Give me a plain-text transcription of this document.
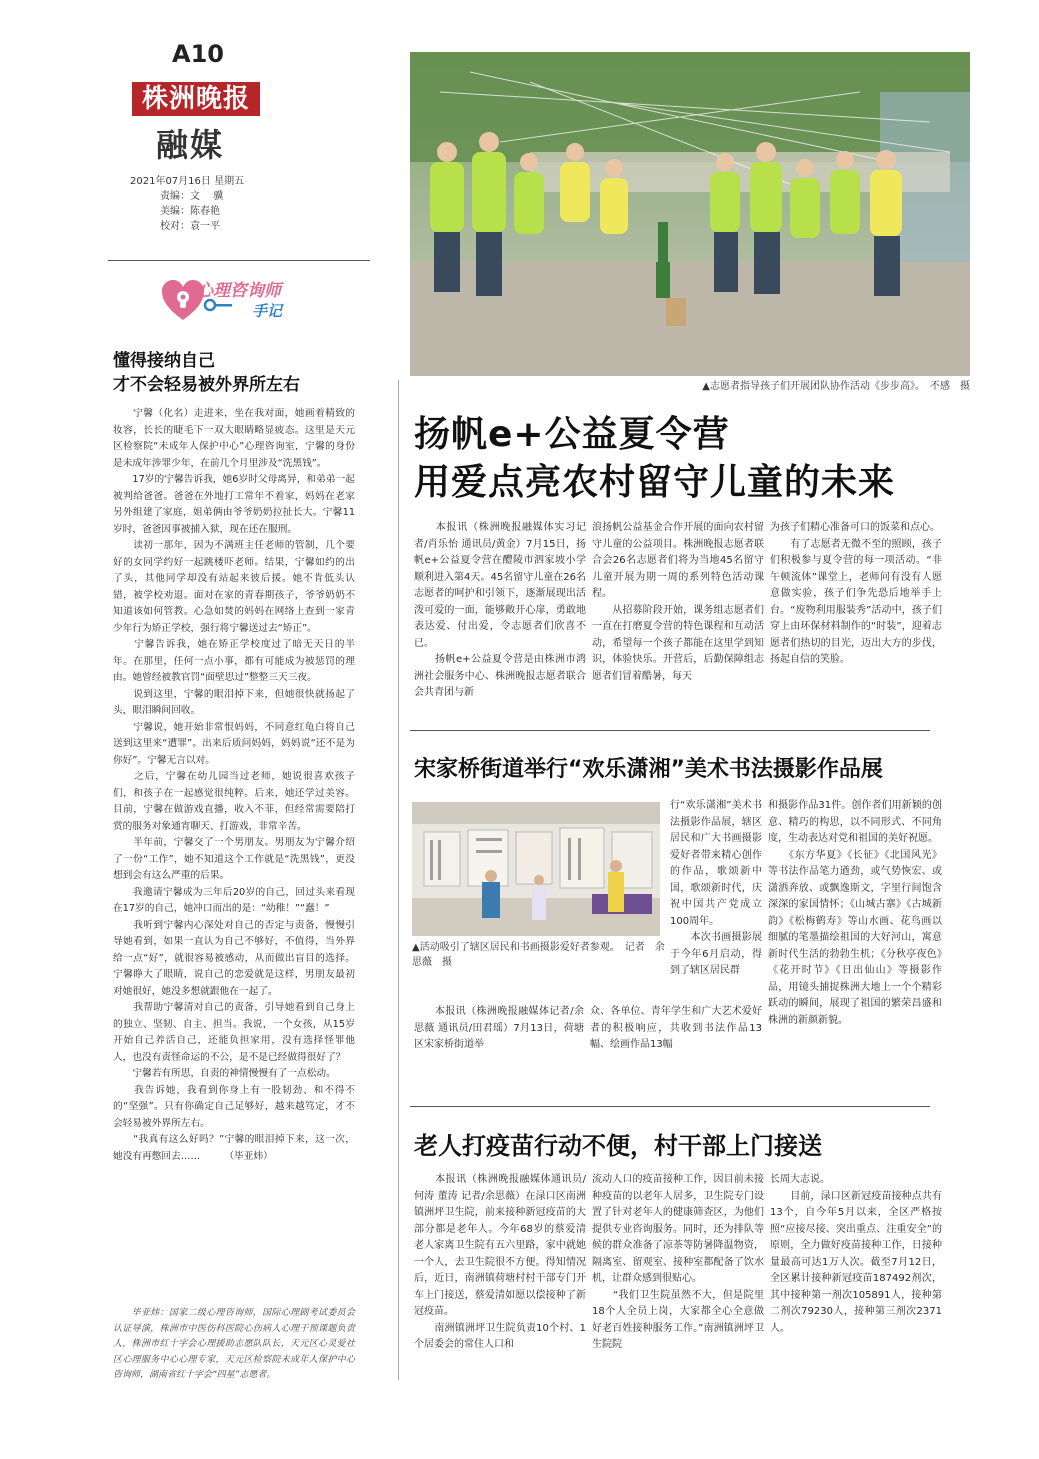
A10
株洲晚报
融媒
2021年07月16日 星期五
责编：文　 骥
美编：陈春艳
校对：袁一平
心理咨询师
手记
懂得接纳自己
才不会轻易被外界所左右
　　宁馨（化名）走进来，坐在我对面，她画着精致的妆容，长长的睫毛下一双大眼睛略显疲态。这里是天元区检察院“未成年人保护中心”心理咨询室，宁馨的身份是未成年涉罪少年，在前几个月里涉及“洗黑钱”。
　　17岁的宁馨告诉我，她6岁时父母离异，和弟弟一起被判给爸爸。爸爸在外地打工常年不着家，妈妈在老家另外组建了家庭，姐弟俩由爷爷奶奶拉扯长大。宁馨11岁时，爸爸因事被捕入狱，现在还在服刑。
　　读初一那年，因为不满班主任老师的管制，几个要好的女同学约好一起跳楼吓老师。结果，宁馨如约的出了头，其他同学却没有站起来彼后援。她不肯低头认错，被学校劝退。面对在家的青春期孩子，爷爷奶奶不知道该如何管教。心急如焚的妈妈在网络上查到一家青少年行为矫正学校，强行将宁馨送过去“矫正”。
　　宁馨告诉我，她在矫正学校度过了暗无天日的半年。在那里，任何一点小事，都有可能成为被惩罚的理由。她曾经被教官罚“面壁思过”整整三天三夜。
　　说到这里，宁馨的眼泪掉下来，但她很快就扬起了头，眼泪瞬间回收。
　　宁馨说，她开始非常恨妈妈，不同意红龟白将自己送到这里来“遭罪”。出来后质问妈妈，妈妈说“还不是为你好”。宁馨无言以对。
　　之后，宁馨在幼儿园当过老师，她说很喜欢孩子们，和孩子在一起感觉很纯粹。后来，她还学过美容。目前，宁馨在做游戏直播，收入不菲，但经常需要陪打赏的服务对象通宵聊天、打游戏，非常辛苦。
　　半年前，宁馨交了一个男朋友。男朋友为宁馨介绍了一份“工作”，她不知道这个工作就是“洗黑钱”，更没想到会有这么严重的后果。
　　我邀请宁馨成为三年后20岁的自己，回过头来看现在17岁的自己，她冲口而出的是：“幼稚！”“蠢！”
　　我听到宁馨内心深处对自己的否定与责备，慢慢引导她看到，如果一直认为自己不够好，不值得，当外界给一点“好”，就很容易被感动，从而做出盲目的选择。宁馨睁大了眼睛，说自己的恋爱就是这样，男朋友最初对她很好，她没多想就跟他在一起了。
　　我帮助宁馨清对自己的责备，引导她看到自己身上的独立、坚韧、自主、担当。我说，一个女孩，从15岁开始自己养活自己，还能负担家用，没有选择怪罪他人，也没有责怪命运的不公，是不是已经做得很好了？
　　宁馨若有所思，自责的神情慢慢有了一点松动。
　　我告诉她，我看到你身上有一股韧劲、和不得不的“坚强”。只有你确定自己足够好，越来越笃定，才不会轻易被外界所左右。
　　“我真有这么好吗？”宁馨的眼泪掉下来，这一次，她没有再憋回去……　　　（毕亚炜）
　　毕亚炜：国家二级心理咨询师，国际心理剧考试委员会认证导演，株洲市中医伤科医院心伤病人心理干预课题负责人，株洲市红十字会心理援助志愿队队长，天元区心灵爱社区心理服务中心心理专家，天元区检察院未成年人保护中心咨询师，湖南省红十字会“四星”志愿者。
▲志愿者指导孩子们开展团队协作活动《步步高》。　不感　摄
扬帆e+公益夏令营
用爱点亮农村留守儿童的未来
　　本报讯（株洲晚报融媒体实习记者/肖乐怡 通讯员/黄金）7月15日，扬帆e+公益夏令营在醴陵市泗家坡小学顺利进入第4天。45名留守儿童在26名志愿者的呵护和引领下，逐渐展现出活泼可爱的一面，能够敞开心扉，勇敢地表达爱、付出爱，令志愿者们欣喜不已。
　　扬帆e+公益夏令营是由株洲市鸿洲社会服务中心、株洲晚报志愿者联合会共青团与新
浪扬帆公益基金合作开展的面向农村留守儿童的公益项目。株洲晚报志愿者联合会26名志愿者们将为当地45名留守儿童开展为期一周的系列特色活动课程。
　　从招募阶段开始，课务组志愿者们一直在打磨夏令营的特色课程和互动活动，希望每一个孩子都能在这里学到知识，体验快乐。开营后，后勤保障组志愿者们冒着酷暑，每天
为孩子们精心准备可口的饭菜和点心。
　　有了志愿者无微不至的照顾，孩子们积极参与夏令营的每一项活动。“非午顿流体”课堂上，老师问有没有人愿意做实验，孩子们争先恐后地举手上台。“废物利用服装秀”活动中，孩子们穿上由环保材料制作的“时装”，迎着志愿者们热切的目光，迈出大方的步伐，扬起自信的笑脸。
宋家桥街道举行“欢乐潇湘”美术书法摄影作品展
▲活动吸引了辖区居民和书画摄影爱好者参观。　记者　余思薇　摄
　　本报讯（株洲晚报融媒体记者/余思薇 通讯员/田君瑶）7月13日，荷塘区宋家桥街道举
行“欢乐潇湘”美术书法摄影作品展，辖区居民和广大书画摄影爱好者带来精心创作的作品，歌颂新中国，歌颂新时代，庆祝中国共产党成立100周年。
　　本次书画摄影展于今年6月启动，得到了辖区居民群
众、各单位、青年学生和广大艺术爱好者的积极响应，共收到书法作品13幅、绘画作品13幅
和摄影作品31件。创作者们用新颖的创意、精巧的构思，以不同形式、不同角度，生动表达对党和祖国的美好祝愿。
　　《东方华夏》《长征》《北国风光》等书法作品笔力遒劲，或气势恢宏、或潇洒奔放、或飘逸斯文，字里行间饱含深深的家国情怀；《山城古寨》《古城新韵》《松梅鹤寿》等山水画、花鸟画以细腻的笔墨描绘祖国的大好河山，寓意新时代生活的勃勃生机；《分秋亭夜色》《花开时节》《日出仙山》等摄影作品，用镜头捕捉株洲大地上一个个精彩跃动的瞬间，展现了祖国的繁荣昌盛和株洲的新颜新貌。
老人打疫苗行动不便，村干部上门接送
　　本报讯（株洲晚报融媒体通讯员/何涛 董涛 记者/余思薇）在渌口区南洲镇洲坪卫生院，前来接种新冠疫苗的大部分都是老年人。今年68岁的蔡爱清老人家离卫生院有五六里路，家中就她一个人，去卫生院很不方便。得知情况后，近日，南洲镇荷塘村村干部专门开车上门接送，蔡爱清如愿以偿接种了新冠疫苗。
　　南洲镇洲坪卫生院负责10个村、1个居委会的常住人口和
流动人口的疫苗接种工作，因目前未接种疫苗的以老年人居多，卫生院专门设置了针对老年人的健康筛查区，为他们提供专业咨询服务。同时，还为排队等候的群众准备了凉茶等防暑降温物资，隔离室、留观室、接种室都配备了饮水机，让群众感到很贴心。
　　“我们卫生院虽然不大，但是院里18个人全员上岗，大家都全心全意做好老百姓接种服务工作。”南洲镇洲坪卫生院院
长周大志说。
　　目前，渌口区新冠疫苗接种点共有13个，自今年5月以来，全区严格按照“应接尽接、突出重点、注重安全”的原则，全力做好疫苗接种工作，日接种量最高可达1万人次。截至7月12日，全区累计接种新冠疫苗187492剂次，其中接种第一剂次105891人，接种第二剂次79230人，接种第三剂次2371人。
